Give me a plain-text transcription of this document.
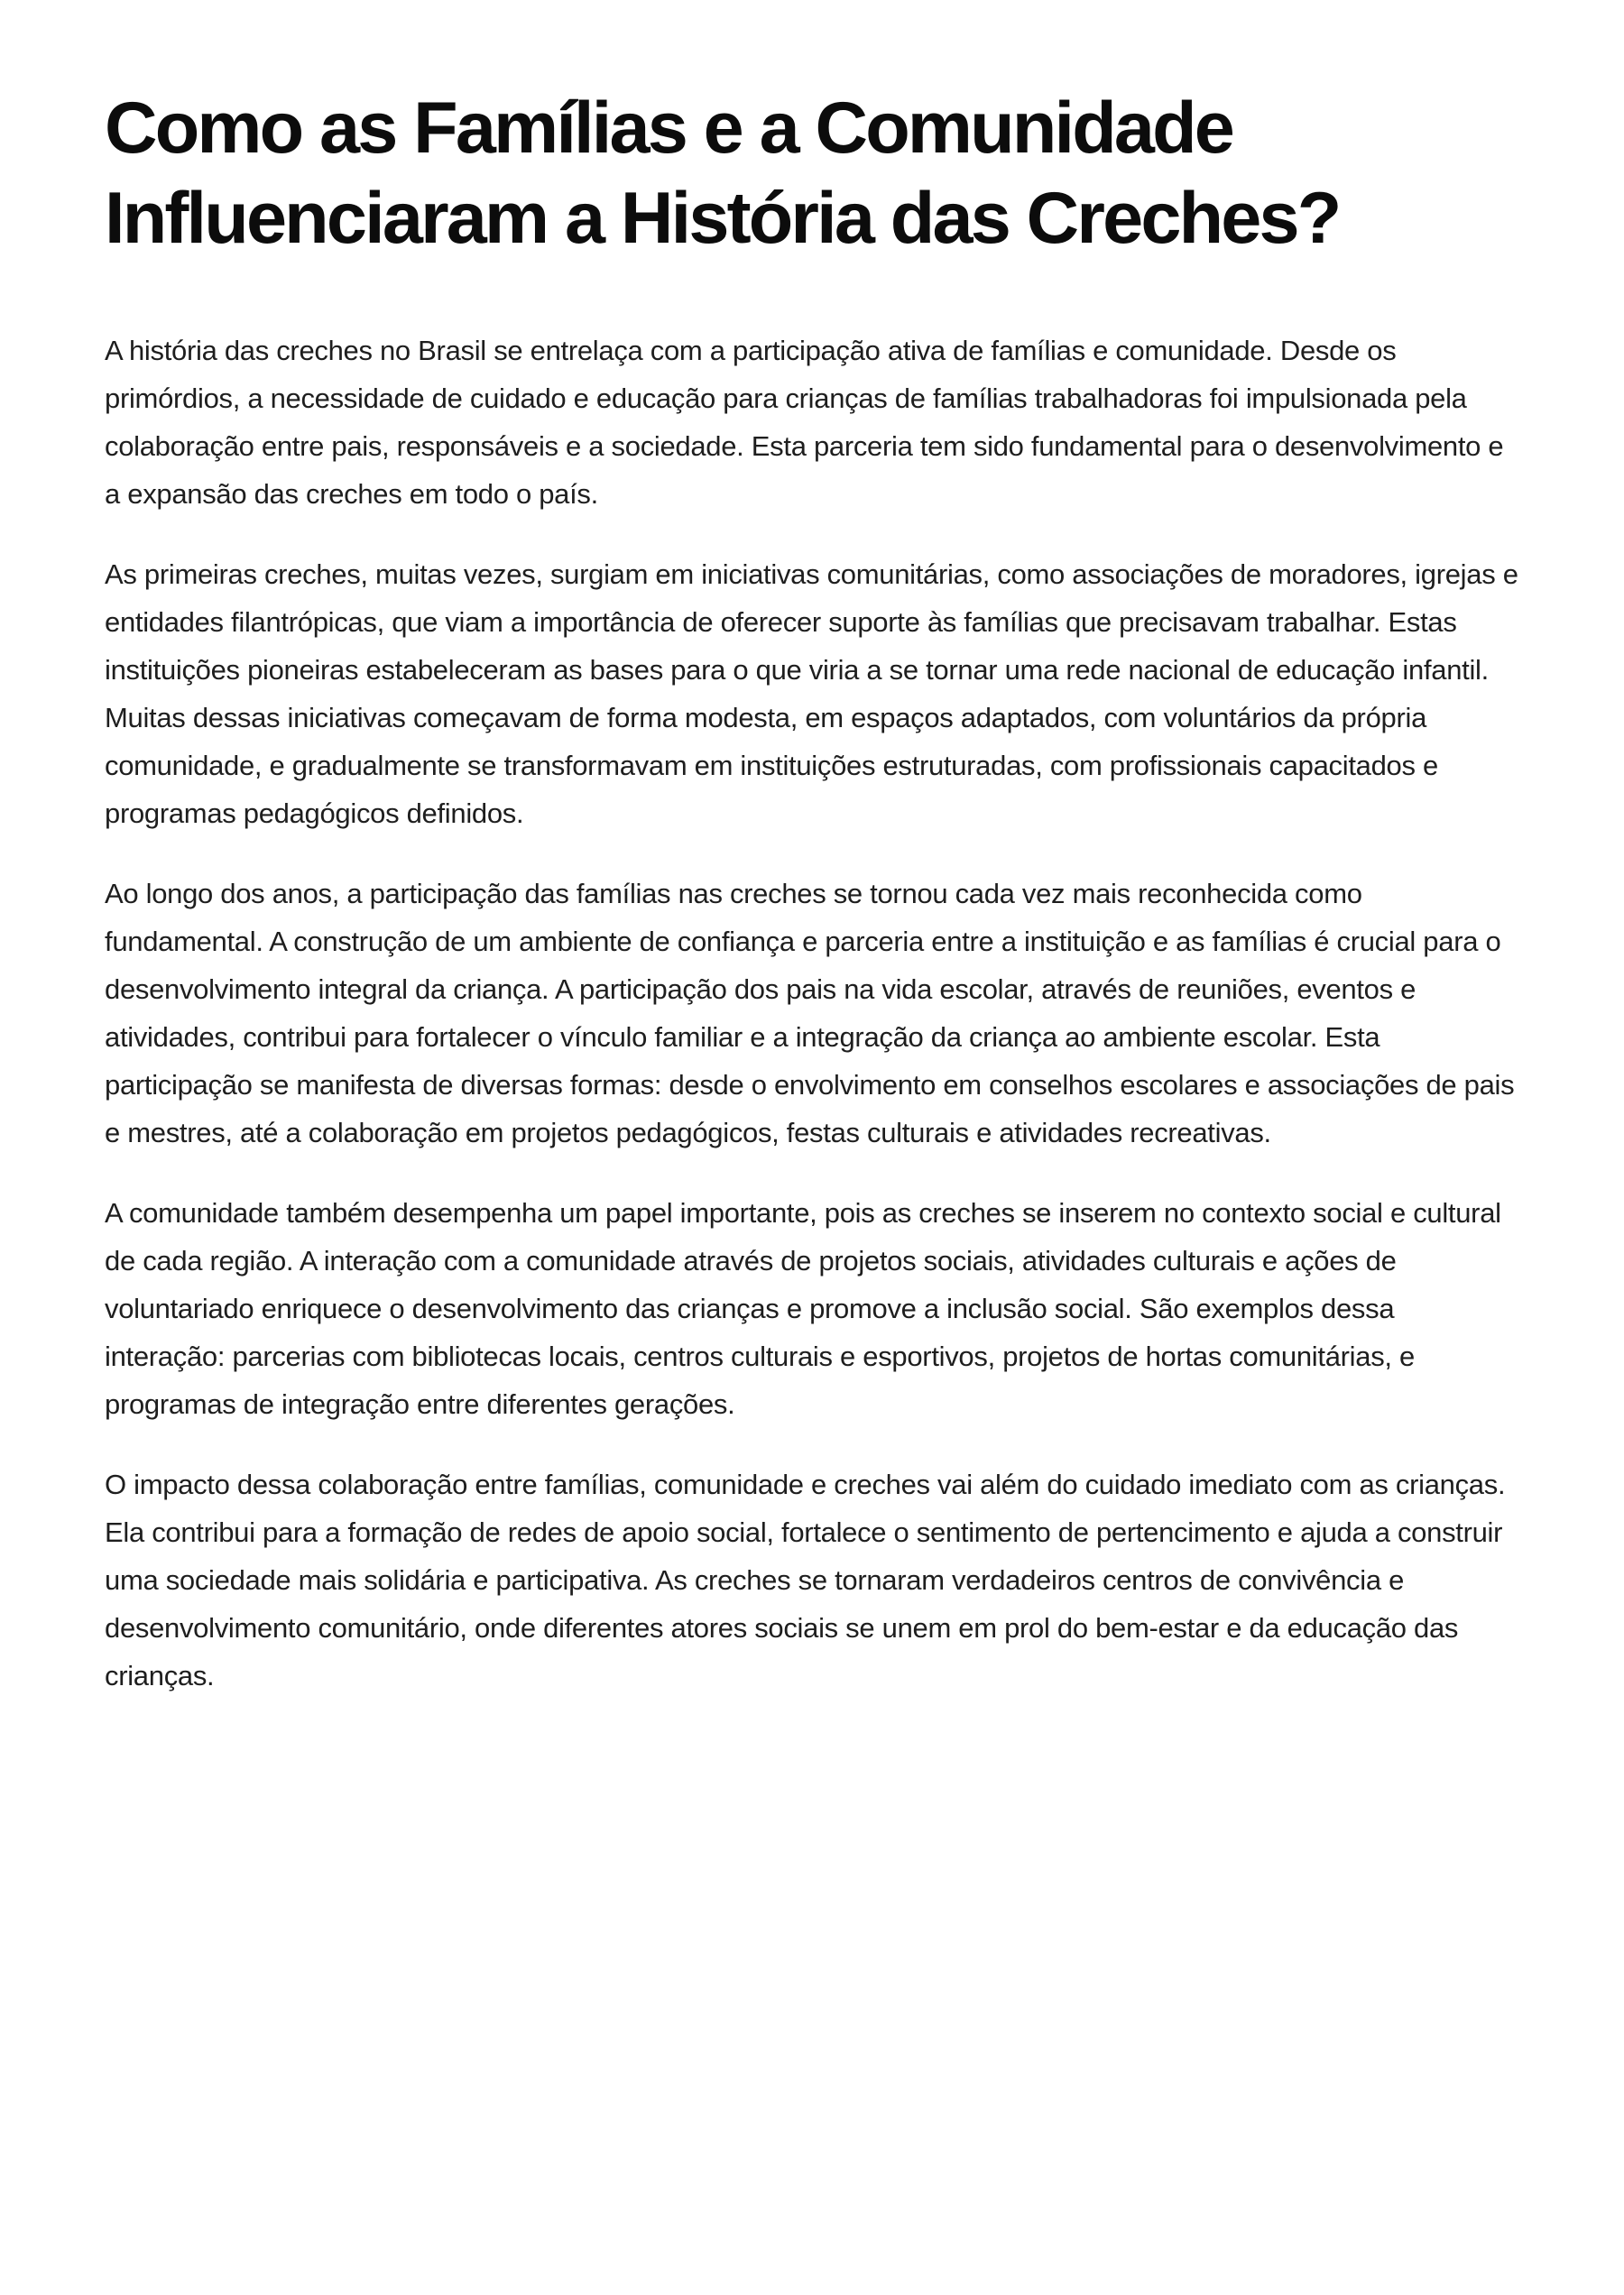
Como as Famílias e a Comunidade Influenciaram a História das Creches?

A história das creches no Brasil se entrelaça com a participação ativa de famílias e comunidade. Desde os primórdios, a necessidade de cuidado e educação para crianças de famílias trabalhadoras foi impulsionada pela colaboração entre pais, responsáveis e a sociedade. Esta parceria tem sido fundamental para o desenvolvimento e a expansão das creches em todo o país.

As primeiras creches, muitas vezes, surgiam em iniciativas comunitárias, como associações de moradores, igrejas e entidades filantrópicas, que viam a importância de oferecer suporte às famílias que precisavam trabalhar. Estas instituições pioneiras estabeleceram as bases para o que viria a se tornar uma rede nacional de educação infantil. Muitas dessas iniciativas começavam de forma modesta, em espaços adaptados, com voluntários da própria comunidade, e gradualmente se transformavam em instituições estruturadas, com profissionais capacitados e programas pedagógicos definidos.

Ao longo dos anos, a participação das famílias nas creches se tornou cada vez mais reconhecida como fundamental. A construção de um ambiente de confiança e parceria entre a instituição e as famílias é crucial para o desenvolvimento integral da criança. A participação dos pais na vida escolar, através de reuniões, eventos e atividades, contribui para fortalecer o vínculo familiar e a integração da criança ao ambiente escolar. Esta participação se manifesta de diversas formas: desde o envolvimento em conselhos escolares e associações de pais e mestres, até a colaboração em projetos pedagógicos, festas culturais e atividades recreativas.

A comunidade também desempenha um papel importante, pois as creches se inserem no contexto social e cultural de cada região. A interação com a comunidade através de projetos sociais, atividades culturais e ações de voluntariado enriquece o desenvolvimento das crianças e promove a inclusão social. São exemplos dessa interação: parcerias com bibliotecas locais, centros culturais e esportivos, projetos de hortas comunitárias, e programas de integração entre diferentes gerações.

O impacto dessa colaboração entre famílias, comunidade e creches vai além do cuidado imediato com as crianças. Ela contribui para a formação de redes de apoio social, fortalece o sentimento de pertencimento e ajuda a construir uma sociedade mais solidária e participativa. As creches se tornaram verdadeiros centros de convivência e desenvolvimento comunitário, onde diferentes atores sociais se unem em prol do bem-estar e da educação das crianças.
